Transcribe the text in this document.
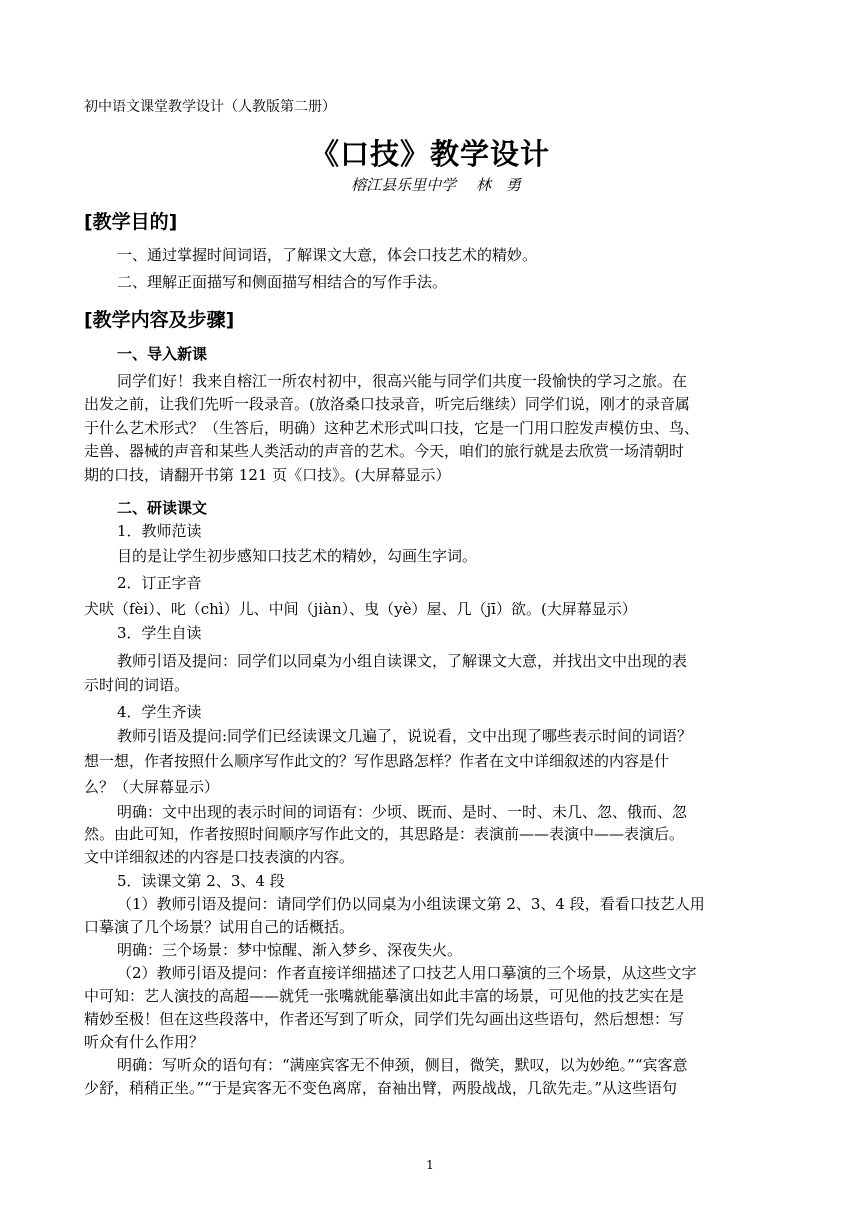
初中语文课堂教学设计（人教版第二册）
《口技》教学设计
榕江县乐里中学　 林　勇
[教学目的]
一、通过掌握时间词语，了解课文大意，体会口技艺术的精妙。
二、理解正面描写和侧面描写相结合的写作手法。
[教学内容及步骤]
一、导入新课
同学们好！我来自榕江一所农村初中，很高兴能与同学们共度一段愉快的学习之旅。在
出发之前，让我们先听一段录音。(放洛桑口技录音，听完后继续）同学们说，刚才的录音属
于什么艺术形式？（生答后，明确）这种艺术形式叫口技，它是一门用口腔发声模仿虫、鸟、
走兽、器械的声音和某些人类活动的声音的艺术。今天，咱们的旅行就是去欣赏一场清朝时
期的口技，请翻开书第 121 页《口技》。(大屏幕显示）
二、研读课文
1．教师范读
目的是让学生初步感知口技艺术的精妙，勾画生字词。
2．订正字音
犬吠（fèi）、叱（chì）儿、中间（jiàn）、曳（yè）屋、几（jī）欲。(大屏幕显示）
3．学生自读
教师引语及提问：同学们以同桌为小组自读课文，了解课文大意，并找出文中出现的表
示时间的词语。
4．学生齐读
教师引语及提问:同学们已经读课文几遍了，说说看，文中出现了哪些表示时间的词语？
想一想，作者按照什么顺序写作此文的？写作思路怎样？作者在文中详细叙述的内容是什
么？（大屏幕显示）
明确：文中出现的表示时间的词语有：少顷、既而、是时、一时、未几、忽、俄而、忽
然。由此可知，作者按照时间顺序写作此文的，其思路是：表演前——表演中——表演后。
文中详细叙述的内容是口技表演的内容。
5．读课文第 2、3、4 段
（1）教师引语及提问：请同学们仍以同桌为小组读课文第 2、3、4 段，看看口技艺人用
口摹演了几个场景？试用自己的话概括。
明确：三个场景：梦中惊醒、渐入梦乡、深夜失火。
（2）教师引语及提问：作者直接详细描述了口技艺人用口摹演的三个场景，从这些文字
中可知：艺人演技的高超——就凭一张嘴就能摹演出如此丰富的场景，可见他的技艺实在是
精妙至极！但在这些段落中，作者还写到了听众，同学们先勾画出这些语句，然后想想：写
听众有什么作用？
明确：写听众的语句有：“满座宾客无不伸颈，侧目，微笑，默叹，以为妙绝。”“宾客意
少舒，稍稍正坐。”“于是宾客无不变色离席，奋袖出臂，两股战战，几欲先走。”从这些语句
1
